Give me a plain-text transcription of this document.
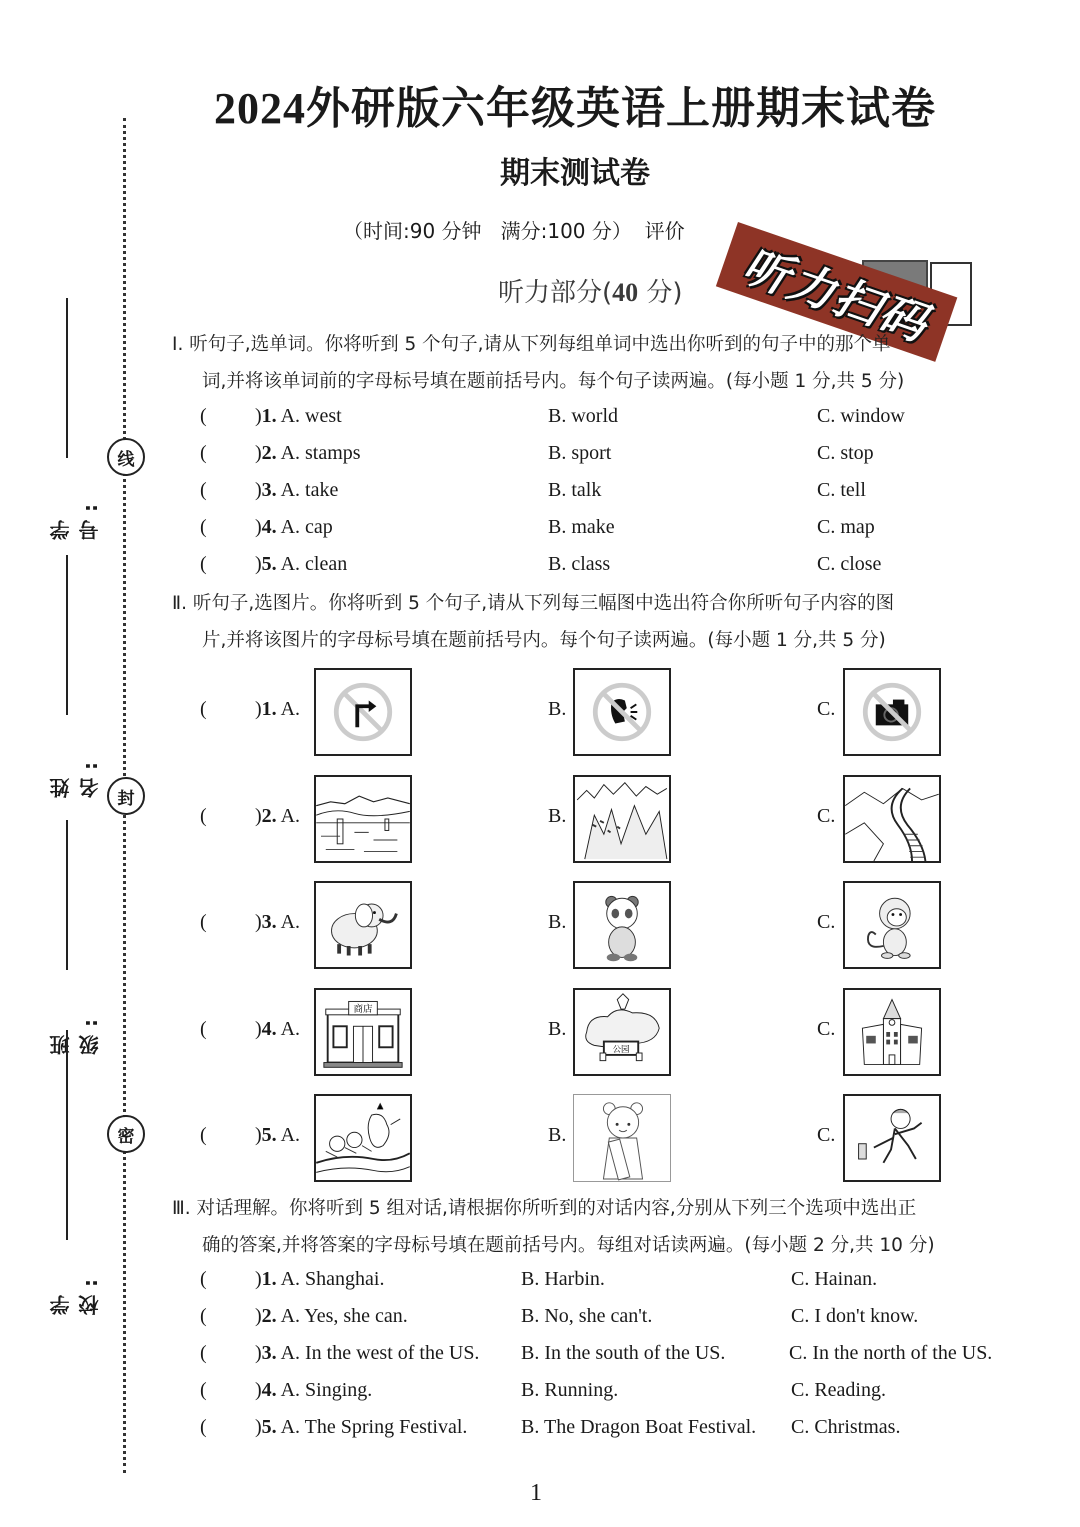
线
封
密
学号:
姓名:
班级:
学校:
2024外研版六年级英语上册期末试卷
期末测试卷
（时间:90 分钟   满分:100 分）  评价
听力部分(40 分) 听力扫码
Ⅰ. 听句子,选单词。你将听到 5 个句子,请从下列每组单词中选出你听到的句子中的那个单
词,并将该单词前的字母标号填在题前括号内。每个句子读两遍。(每小题 1 分,共 5 分)
( )1. A. west	B. world	C. window
( )2. A. stamps	B. sport	C. stop
( )3. A. take	B. talk	C. tell
( )4. A. cap	B. make	C. map
( )5. A. clean	B. class	C. close
Ⅱ. 听句子,选图片。你将听到 5 个句子,请从下列每三幅图中选出符合你所听句子内容的图
片,并将该图片的字母标号填在题前括号内。每个句子读两遍。(每小题 1 分,共 5 分)
( )1. A.	B.	C.
( )2. A.	B.	C.
( )3. A.	B.	C.
( )4. A.	B.	C.
商店
公园
( )5. A.	B.	C.
Ⅲ. 对话理解。你将听到 5 组对话,请根据你所听到的对话内容,分别从下列三个选项中选出正
确的答案,并将答案的字母标号填在题前括号内。每组对话读两遍。(每小题 2 分,共 10 分)
( )1. A. Shanghai.	B. Harbin.	C. Hainan.
( )2. A. Yes, she can.	B. No, she can't.	C. I don't know.
( )3. A. In the west of the US. B. In the south of the US.	C. In the north of the US.
( )4. A. Singing.	B. Running.	C. Reading.
( )5. A. The Spring Festival.	B. The Dragon Boat Festival. C. Christmas.
1
